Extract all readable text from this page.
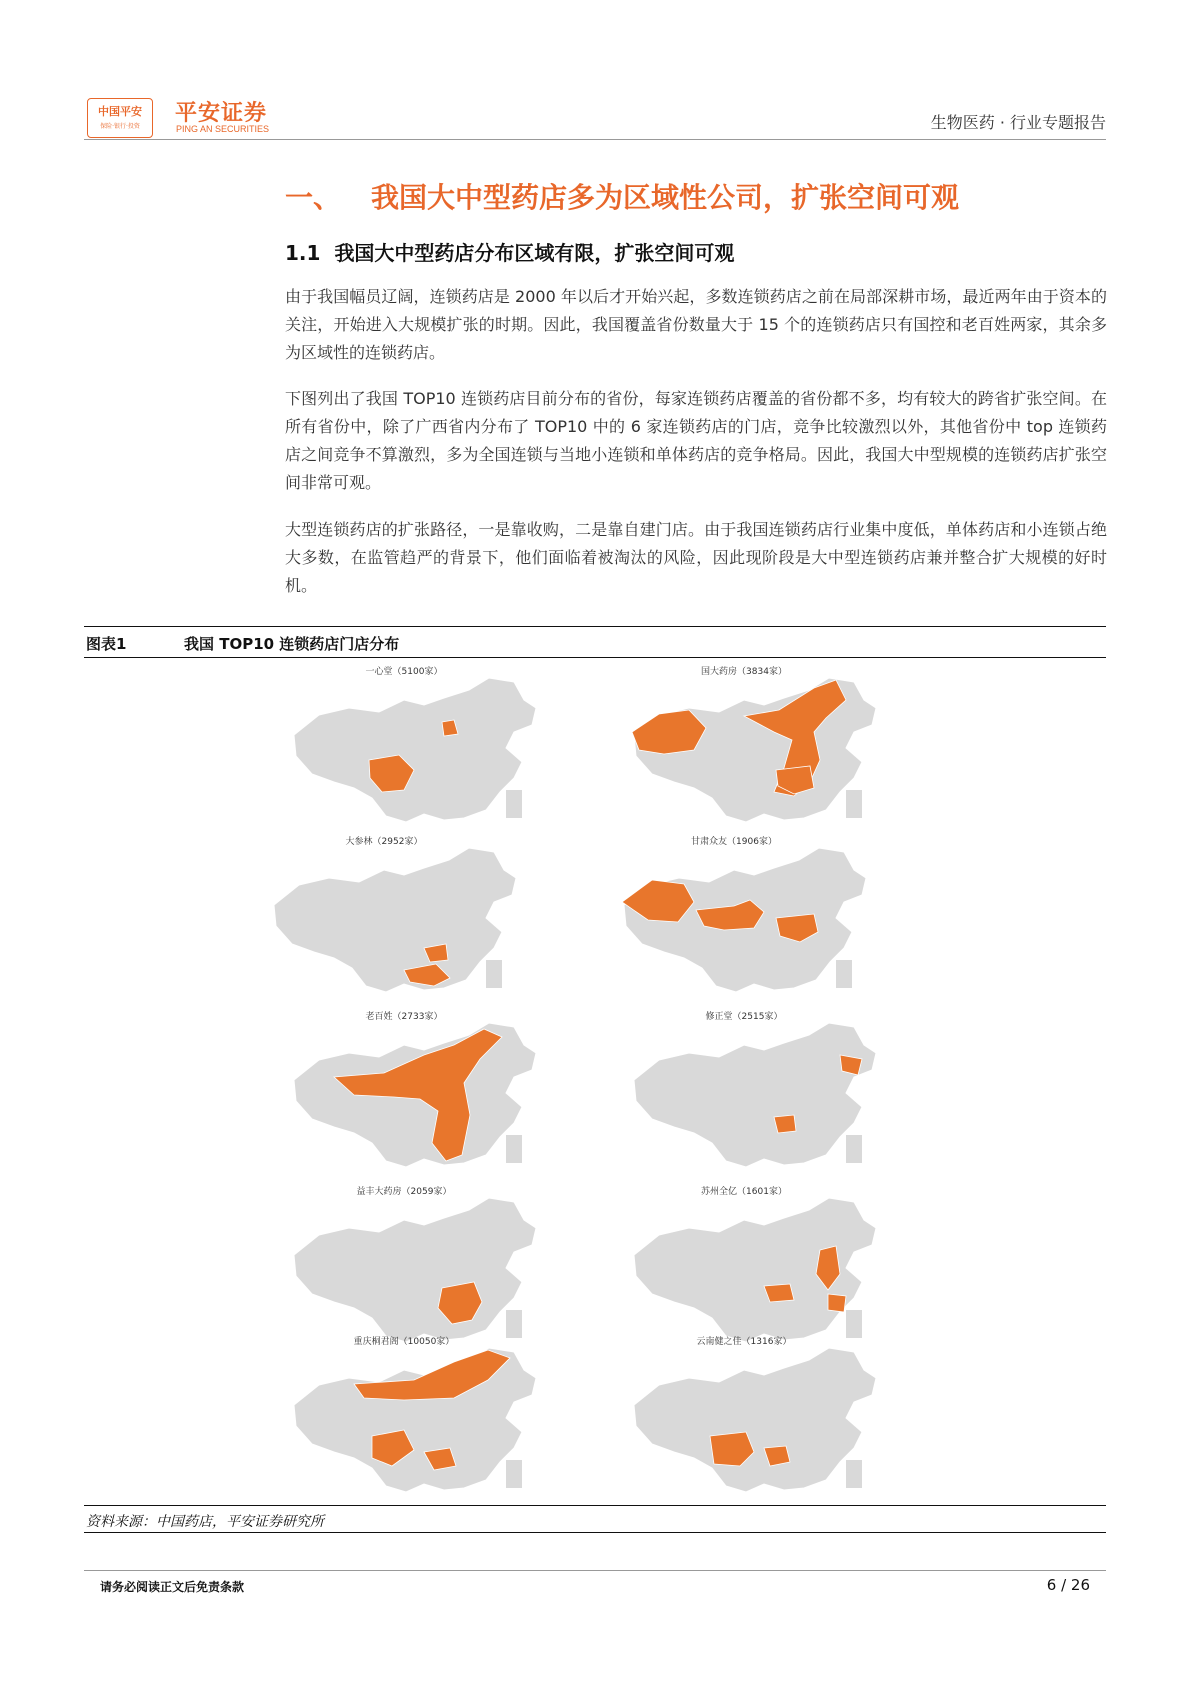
中国平安
保险·银行·投资
平安证券
PING AN SECURITIES	生物医药 · 行业专题报告
一、 我国大中型药店多为区域性公司，扩张空间可观
1.1 我国大中型药店分布区域有限，扩张空间可观

由于我国幅员辽阔，连锁药店是 2000 年以后才开始兴起，多数连锁药店之前在局部深耕市场，最近两年由于资本的关注，开始进入大规模扩张的时期。因此，我国覆盖省份数量大于 15 个的连锁药店只有国控和老百姓两家，其余多为区域性的连锁药店。

下图列出了我国 TOP10 连锁药店目前分布的省份，每家连锁药店覆盖的省份都不多，均有较大的跨省扩张空间。在所有省份中，除了广西省内分布了 TOP10 中的 6 家连锁药店的门店，竞争比较激烈以外，其他省份中 top 连锁药店之间竞争不算激烈，多为全国连锁与当地小连锁和单体药店的竞争格局。因此，我国大中型规模的连锁药店扩张空间非常可观。

大型连锁药店的扩张路径，一是靠收购，二是靠自建门店。由于我国连锁药店行业集中度低，单体药店和小连锁占绝大多数，在监管趋严的背景下，他们面临着被淘汰的风险，因此现阶段是大中型连锁药店兼并整合扩大规模的好时机。

图表1	我国 TOP10 连锁药店门店分布
一心堂（5100家）	国大药房（3834家）
大参林（2952家）	甘肃众友（1906家）
老百姓（2733家）	修正堂（2515家）
益丰大药房（2059家）	苏州全亿（1601家）
重庆桐君阁（10050家）	云南健之佳（1316家）
资料来源：中国药店，平安证券研究所
请务必阅读正文后免责条款	6 / 26
